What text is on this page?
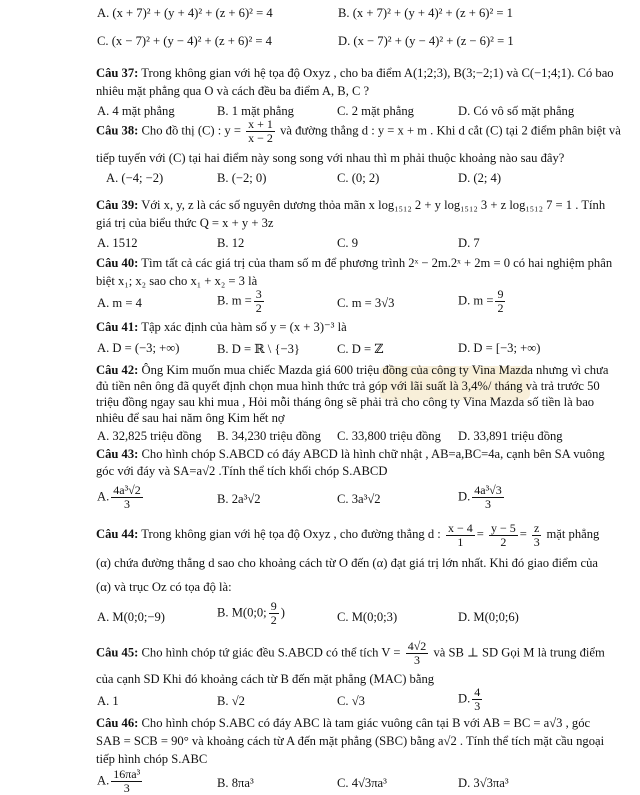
A. (x + 7)² + (y + 4)² + (z + 6)² = 4	B. (x + 7)² + (y + 4)² + (z + 6)² = 1
C. (x − 7)² + (y − 4)² + (z + 6)² = 4	D. (x − 7)² + (y − 4)² + (z − 6)² = 1
Câu 37: Trong không gian với hệ tọa độ Oxyz , cho ba điểm A(1;2;3), B(3;−2;1) và C(−1;4;1). Có bao nhiêu mặt phẳng qua O và cách đều ba điểm A, B, C ?
A. 4 mặt phẳng	B. 1 mặt phẳng	C. 2 mặt phẳng	D. Có vô số mặt phẳng
Câu 38: Cho đồ thị (C) : $y = \frac{x + 1}{x - 2}$ và đường thẳng d : y = x + m . Khi d cắt (C) tại 2 điểm phân biệt và
tiếp tuyến với (C) tại hai điểm này song song với nhau thì m phải thuộc khoảng nào sau đây?
A. (−4; −2)	B. (−2; 0)	C. (0; 2)	D. (2; 4)
Câu 39: Với x, y, z là các số nguyên dương thỏa mãn x log₁₅₁₂ 2 + y log₁₅₁₂ 3 + z log₁₅₁₂ 7 = 1 . Tính giá trị của biểu thức Q = x + y + 3z
A. 1512	B. 12	C. 9	D. 7
Câu 40: Tìm tất cả các giá trị của tham số m để phương trình 2ˣ − 2m.2ˣ + 2m = 0 có hai nghiệm phân biệt x₁; x₂ sao cho x₁ + x₂ = 3 là
A. m = 4	B. $m = \frac{3}{2}$	C. m = 3√3	D. $m = \frac{9}{2}$
Câu 41: Tập xác định của hàm số y = (x + 3)⁻³ là
A. D = (−3; +∞)	B. D = ℝ \ {−3}	C. D = ℤ	D. D = [−3; +∞)
Câu 42: Ông Kim muốn mua chiếc Mazda giá 600 triệu đồng của công ty Vina Mazda nhưng vì chưa đủ tiền nên ông đã quyết định chọn mua hình thức trả góp với lãi suất là 3,4%/ tháng và trả trước 50 triệu đồng ngay sau khi mua , Hỏi mỗi tháng ông sẽ phải trả cho công ty Vina Mazda số tiền là bao nhiêu để sau hai năm ông Kim hết nợ
A. 32,825 triệu đồng B. 34,230 triệu đồng C. 33,800 triệu đồng D. 33,891 triệu đồng
Câu 43: Cho hình chóp S.ABCD có đáy ABCD là hình chữ nhật , AB=a,BC=4a, cạnh bên SA vuông góc với đáy và SA=a√2 .Tính thể tích khối chóp S.ABCD
A. $\frac{\text{4a³√2}}{3}$	B. 2a³√2	C. 3a³√2	D. $\frac{\text{4a³√3}}{3}$
Câu 44: Trong không gian với hệ tọa độ Oxyz , cho đường thẳng d : $\frac{x - 4}{1} = \frac{y - 5}{2} = \frac{z}{3}$ mặt phẳng
(α) chứa đường thẳng d sao cho khoảng cách từ O đến (α) đạt giá trị lớn nhất. Khi đó giao điểm của
(α) và trục Oz có tọa độ là:
A. M(0;0;−9)	B. M(0;0; $\frac{9}{2}$ )	C. M(0;0;3)	D. M(0;0;6)
Câu 45: Cho hình chóp tứ giác đều S.ABCD có thể tích $V = \frac{4√2}{3}$ và SB ⊥ SD Gọi M là trung điểm
của cạnh SD Khi đó khoảng cách từ B đến mặt phẳng (MAC) bằng
A. 1	B. √2	C. √3	D. $\frac{4}{3}$
Câu 46: Cho hình chóp S.ABC có đáy ABC là tam giác vuông cân tại B với AB = BC = a√3 , góc
SAB = SCB = 90° và khoảng cách từ A đến mặt phẳng (SBC) bằng a√2 . Tính thể tích mặt cầu ngoại
tiếp hình chóp S.ABC
A. $\frac{\text{16πa³}}{3}$	B. 8πa³	C. 4√3πa³	D. 3√3πa³
